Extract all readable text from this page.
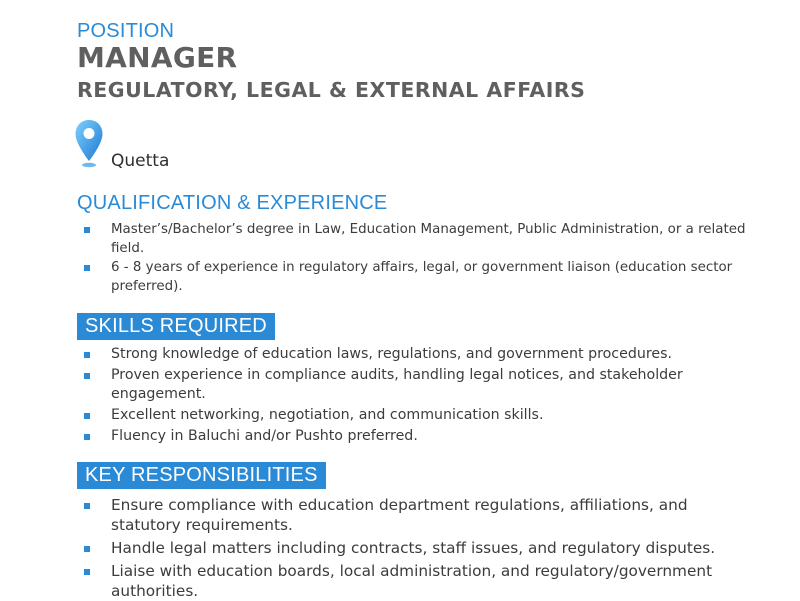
POSITION
MANAGER
REGULATORY, LEGAL & EXTERNAL AFFAIRS
Quetta
QUALIFICATION & EXPERIENCE
Master’s/Bachelor’s degree in Law, Education Management, Public Administration, or a related field.
6 - 8 years of experience in regulatory affairs, legal, or government liaison (education sector preferred).
SKILLS REQUIRED
Strong knowledge of education laws, regulations, and government procedures.
Proven experience in compliance audits, handling legal notices, and stakeholder engagement.
Excellent networking, negotiation, and communication skills.
Fluency in Baluchi and/or Pushto preferred.
KEY RESPONSIBILITIES
Ensure compliance with education department regulations, affiliations, and statutory requirements.
Handle legal matters including contracts, staff issues, and regulatory disputes.
Liaise with education boards, local administration, and regulatory/government authorities.
